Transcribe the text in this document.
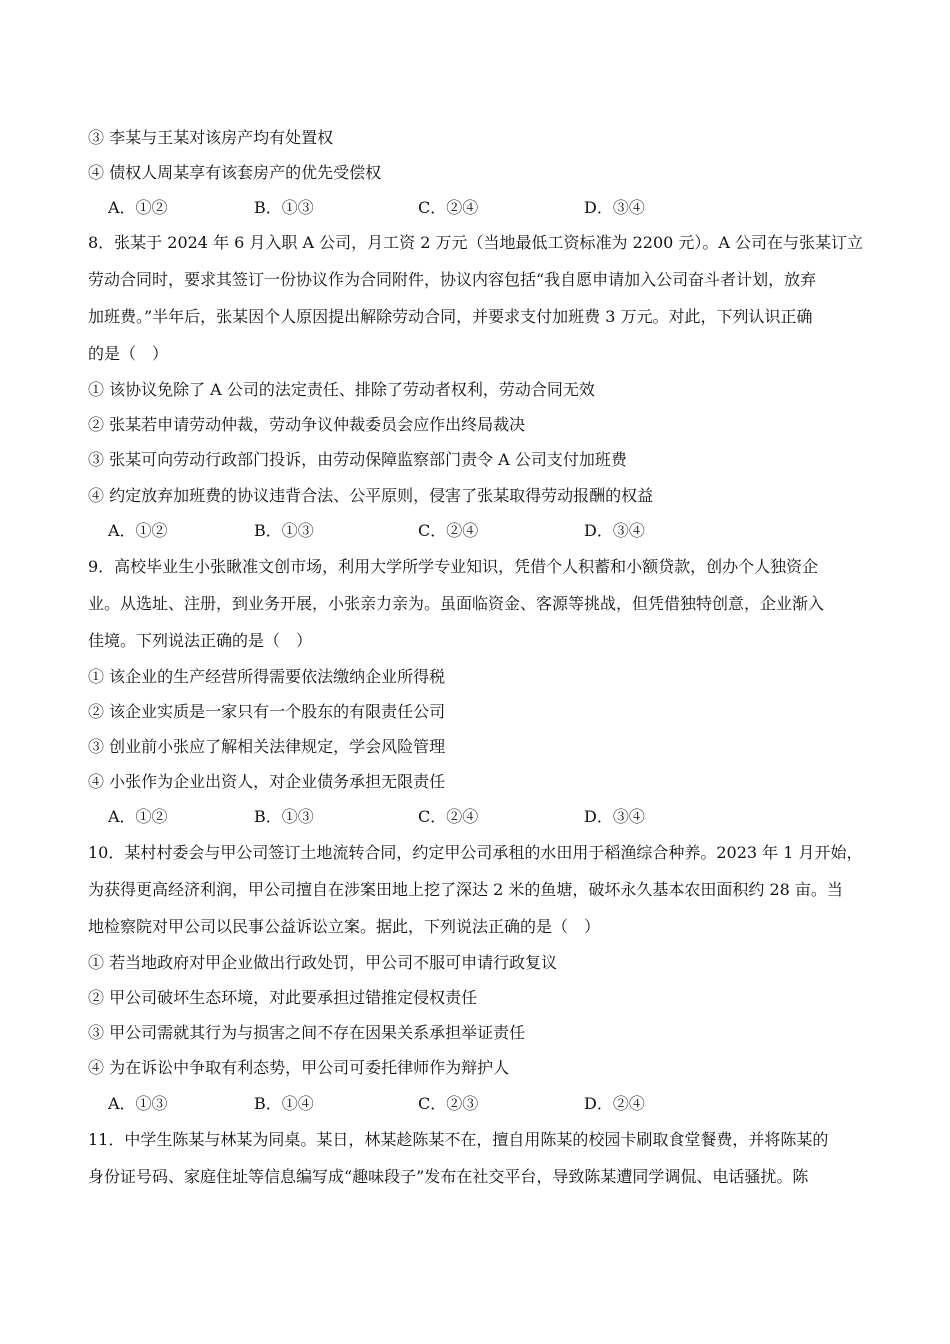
③ 李某与王某对该房产均有处置权
④ 债权人周某享有该套房产的优先受偿权
A．①②	B．①③	C．②④	D．③④
8．张某于 2024 年 6 月入职 A 公司，月工资 2 万元（当地最低工资标准为 2200 元）。A 公司在与张某订立
劳动合同时，要求其签订一份协议作为合同附件，协议内容包括“我自愿申请加入公司奋斗者计划，放弃
加班费。”半年后，张某因个人原因提出解除劳动合同，并要求支付加班费 3 万元。对此，下列认识正确
的是（　）
① 该协议免除了 A 公司的法定责任、排除了劳动者权利，劳动合同无效
② 张某若申请劳动仲裁，劳动争议仲裁委员会应作出终局裁决
③ 张某可向劳动行政部门投诉，由劳动保障监察部门责令 A 公司支付加班费
④ 约定放弃加班费的协议违背合法、公平原则，侵害了张某取得劳动报酬的权益
A．①②	B．①③	C．②④	D．③④
9．高校毕业生小张瞅准文创市场，利用大学所学专业知识，凭借个人积蓄和小额贷款，创办个人独资企
业。从选址、注册，到业务开展，小张亲力亲为。虽面临资金、客源等挑战，但凭借独特创意，企业渐入
佳境。下列说法正确的是（　）
① 该企业的生产经营所得需要依法缴纳企业所得税
② 该企业实质是一家只有一个股东的有限责任公司
③ 创业前小张应了解相关法律规定，学会风险管理
④ 小张作为企业出资人，对企业债务承担无限责任
A．①②	B．①③	C．②④	D．③④
10．某村村委会与甲公司签订土地流转合同，约定甲公司承租的水田用于稻渔综合种养。2023 年 1 月开始，
为获得更高经济利润，甲公司擅自在涉案田地上挖了深达 2 米的鱼塘，破坏永久基本农田面积约 28 亩。当
地检察院对甲公司以民事公益诉讼立案。据此，下列说法正确的是（　）
① 若当地政府对甲企业做出行政处罚，甲公司不服可申请行政复议
② 甲公司破坏生态环境，对此要承担过错推定侵权责任
③ 甲公司需就其行为与损害之间不存在因果关系承担举证责任
④ 为在诉讼中争取有利态势，甲公司可委托律师作为辩护人
A．①③	B．①④	C．②③	D．②④
11．中学生陈某与林某为同桌。某日，林某趁陈某不在，擅自用陈某的校园卡刷取食堂餐费，并将陈某的
身份证号码、家庭住址等信息编写成“趣味段子”发布在社交平台，导致陈某遭同学调侃、电话骚扰。陈
